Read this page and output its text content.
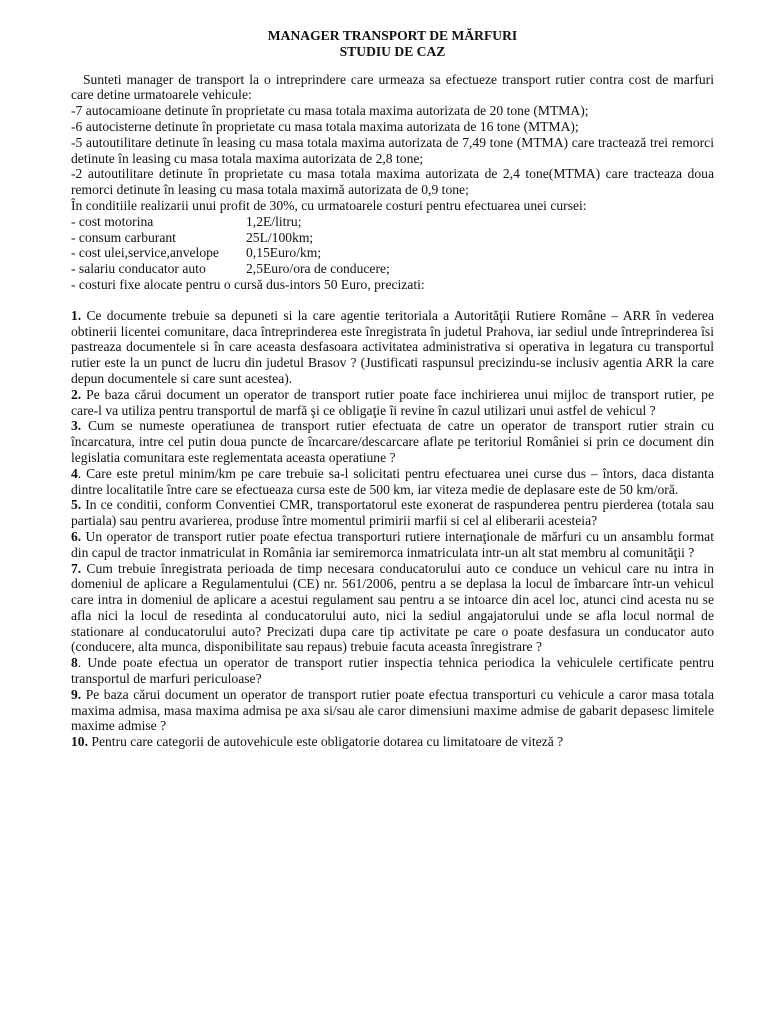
MANAGER TRANSPORT DE MĂRFURI

STUDIU DE CAZ

Sunteti manager de transport la o intreprindere care urmeaza sa efectueze transport rutier contra cost de marfuri care detine urmatoarele vehicule:

-7 autocamioane detinute în proprietate cu masa totala maxima autorizata de 20 tone (MTMA);

-6 autocisterne detinute în proprietate cu masa totala maxima autorizata de 16 tone (MTMA);

-5 autoutilitare detinute în leasing cu masa totala maxima autorizata de 7,49 tone (MTMA) care tractează trei remorci detinute în leasing cu masa totala maxima autorizata de 2,8 tone;

-2 autoutilitare detinute în proprietate cu masa totala maxima autorizata de 2,4 tone(MTMA) care tracteaza doua remorci detinute în leasing cu masa totala maximă autorizata de 0,9 tone;

În conditiile realizarii unui profit de 30%, cu urmatoarele costuri pentru efectuarea unei cursei:

- cost motorina	1,2E/litru;
- consum carburant	25L/100km;
- cost ulei,service,anvelope	0,15Euro/km;
- salariu conducator auto	2,5Euro/ora de conducere;

- costuri fixe alocate pentru o cursă dus-intors 50 Euro, precizati:

1. Ce documente trebuie sa depuneti si la care agentie teritoriala a Autorităţii Rutiere Române – ARR în vederea obtinerii licentei comunitare, daca întreprinderea este înregistrata în judetul Prahova, iar sediul unde întreprinderea îsi pastreaza documentele si în care aceasta desfasoara activitatea administrativa si operativa in legatura cu transportul rutier este la un punct de lucru din judetul Brasov ? (Justificati raspunsul precizindu-se inclusiv agentia ARR la care depun documentele si care sunt acestea).

2. Pe baza cărui document un operator de transport rutier poate face inchirierea unui mijloc de transport rutier, pe care-l va utiliza pentru transportul de marfă şi ce obligaţie îi revine în cazul utilizari unui astfel de vehicul ?

3. Cum se numeste operatiunea de transport rutier efectuata de catre un operator de transport rutier strain cu încarcatura, intre cel putin doua puncte de încarcare/descarcare aflate pe teritoriul României si prin ce document din legislatia comunitara este reglementata aceasta operatiune ?

4. Care este pretul minim/km pe care trebuie sa-l solicitati pentru efectuarea unei curse dus – întors, daca distanta dintre localitatile între care se efectueaza cursa este de 500 km, iar viteza medie de deplasare este de 50 km/oră.

5. In ce conditii, conform Conventiei CMR, transportatorul este exonerat de raspunderea pentru pierderea (totala sau partiala) sau pentru avarierea, produse între momentul primirii marfii si cel al eliberarii acesteia?

6. Un operator de transport rutier poate efectua transporturi rutiere internaţionale de mărfuri cu un ansamblu format din capul de tractor inmatriculat in România iar semiremorca inmatriculata intr-un alt stat membru al comunităţii ?

7. Cum trebuie înregistrata perioada de timp necesara conducatorului auto ce conduce un vehicul care nu intra in domeniul de aplicare a Regulamentului (CE) nr. 561/2006, pentru a se deplasa la locul de îmbarcare într-un vehicul care intra in domeniul de aplicare a acestui regulament sau pentru a se intoarce din acel loc, atunci cind acesta nu se afla nici la locul de resedinta al conducatorului auto, nici la sediul angajatorului unde se afla locul normal de stationare al conducatorului auto? Precizati dupa care tip activitate pe care o poate desfasura un conducator auto (conducere, alta munca, disponibilitate sau repaus) trebuie facuta aceasta înregistrare ?

8. Unde poate efectua un operator de transport rutier inspectia tehnica periodica la vehiculele certificate pentru transportul de marfuri periculoase?

9. Pe baza cărui document un operator de transport rutier poate efectua transporturi cu vehicule a caror masa totala maxima admisa, masa maxima admisa pe axa si/sau ale caror dimensiuni maxime admise de gabarit depasesc limitele maxime admise ?

10. Pentru care categorii de autovehicule este obligatorie dotarea cu limitatoare de viteză ?
